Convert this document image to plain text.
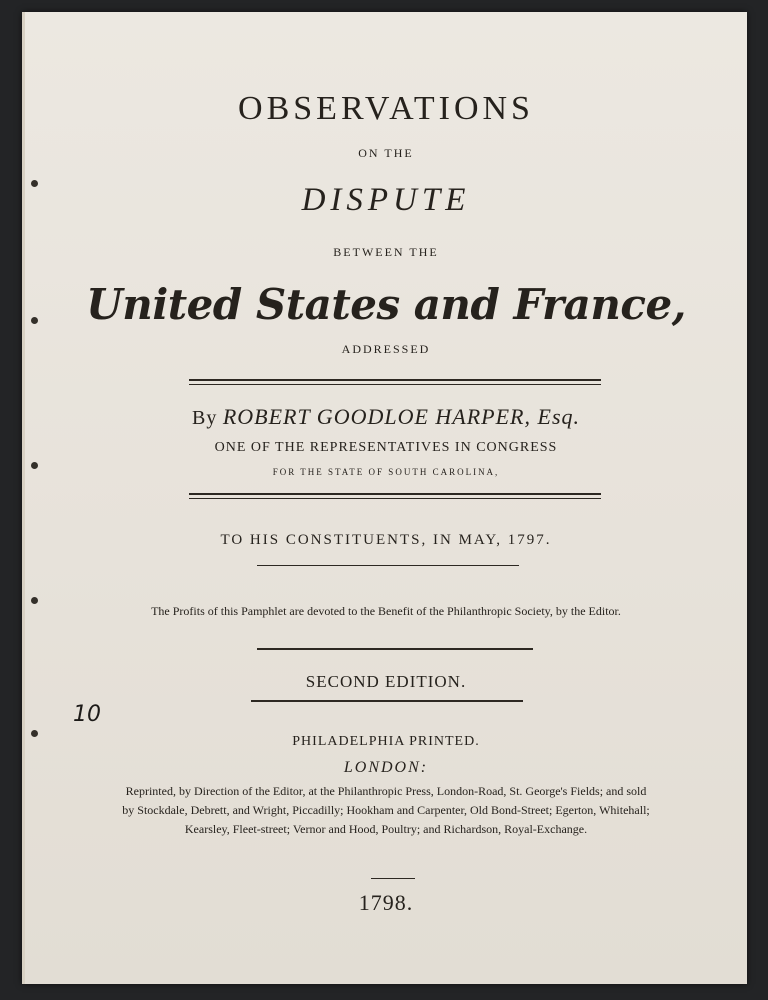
OBSERVATIONS
ON THE
DISPUTE
BETWEEN THE
United States and France,
ADDRESSED
By ROBERT GOODLOE HARPER, Esq.
ONE OF THE REPRESENTATIVES IN CONGRESS
FOR THE STATE OF SOUTH CAROLINA,
TO HIS CONSTITUENTS, IN MAY, 1797.
The Profits of this Pamphlet are devoted to the Benefit of the Philanthropic Society, by the Editor.
SECOND EDITION.
PHILADELPHIA PRINTED.
LONDON:
Reprinted, by Direction of the Editor, at the Philanthropic Press, London-Road, St. George's Fields; and sold by Stockdale, Debrett, and Wright, Piccadilly; Hookham and Carpenter, Old Bond-Street; Egerton, Whitehall; Kearsley, Fleet-street; Vernor and Hood, Poultry; and Richardson, Royal-Exchange.
1798.
10
